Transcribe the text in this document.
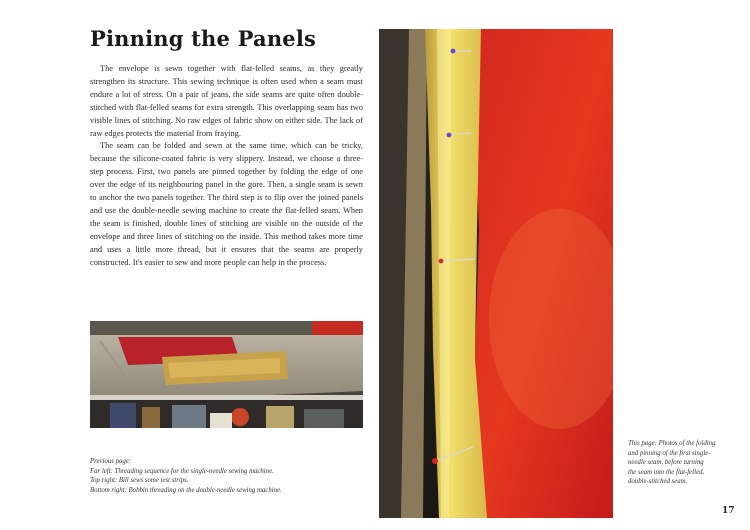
Pinning the Panels

The envelope is sewn together with flat-felled seams, as they greatly strengthen its structure. This sewing technique is often used when a seam must endure a lot of stress. On a pair of jeans, the side seams are quite often double-stitched with flat-felled seams for extra strength. This overlapping seam has two visible lines of stitching. No raw edges of fabric show on either side. The lack of raw edges protects the material from fraying.

The seam can be folded and sewn at the same time, which can be tricky, because the silicone-coated fabric is very slippery. Instead, we choose a three-step process. First, two panels are pinned together by folding the edge of one over the edge of its neighbouring panel in the gore. Then, a single seam is sewn to anchor the two panels together. The third step is to flip over the joined panels and use the double-needle sewing machine to create the flat-felled seam. When the seam is finished, double lines of stitching are visible on the outside of the envelope and three lines of stitching on the inside. This method takes more time and uses a little more thread, but it ensures that the seams are properly constructed. It's easier to sew and more people can help in the process.

Previous page:
Far left: Threading sequence for the single-needle sewing machine.
Top right: Bill sews some test strips.
Bottom right: Bobbin threading on the double-needle sewing machine.
This page: Photos of the folding
and pinning of the first single-
needle seam, before turning
the seam into the flat-felled,
double-stitched seam.
17
